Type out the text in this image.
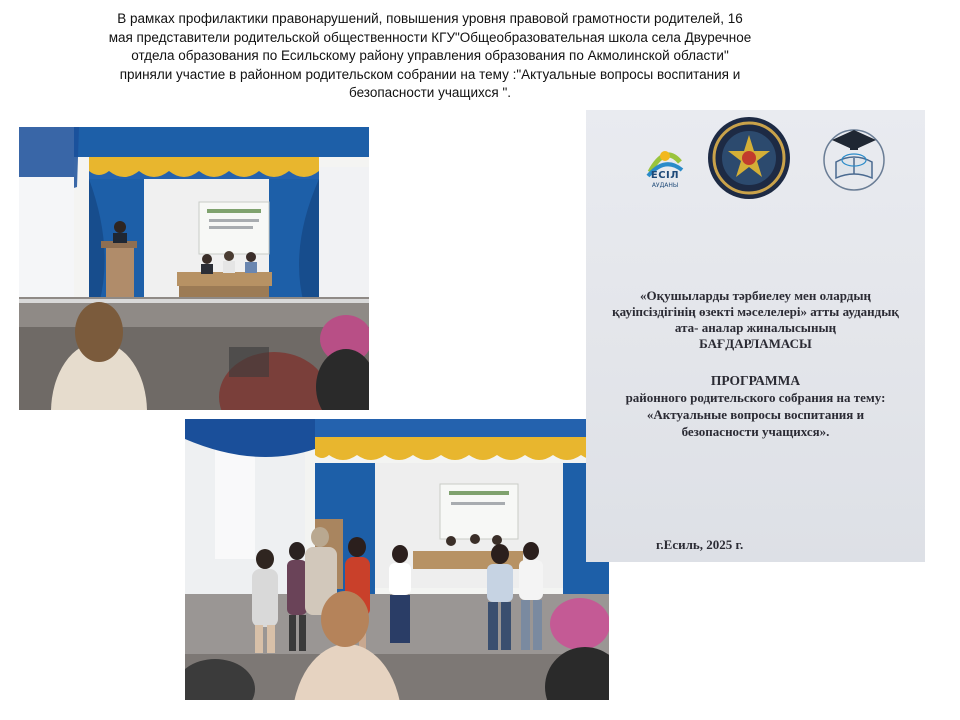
В рамках профилактики правонарушений, повышения уровня правовой грамотности родителей, 16
мая представители родительской общественности КГУ"Общеобразовательная школа села Двуречное
отдела образования по Есильскому району управления образования по Акмолинской области"
приняли участие в районном родительском собрании на тему :"Актуальные вопросы воспитания и
безопасности учащихся ".

ЕСІЛ
АУДАНЫ
«Оқушыларды тәрбиелеу мен олардың
қауіпсіздігінің өзекті мәселелері» атты аудандық
ата- аналар жиналысының
БАҒДАРЛАМАСЫ
ПРОГРАММА
районного родительского собрания на тему:
«Актуальные вопросы воспитания и
безопасности учащихся».
г.Есиль, 2025 г.
